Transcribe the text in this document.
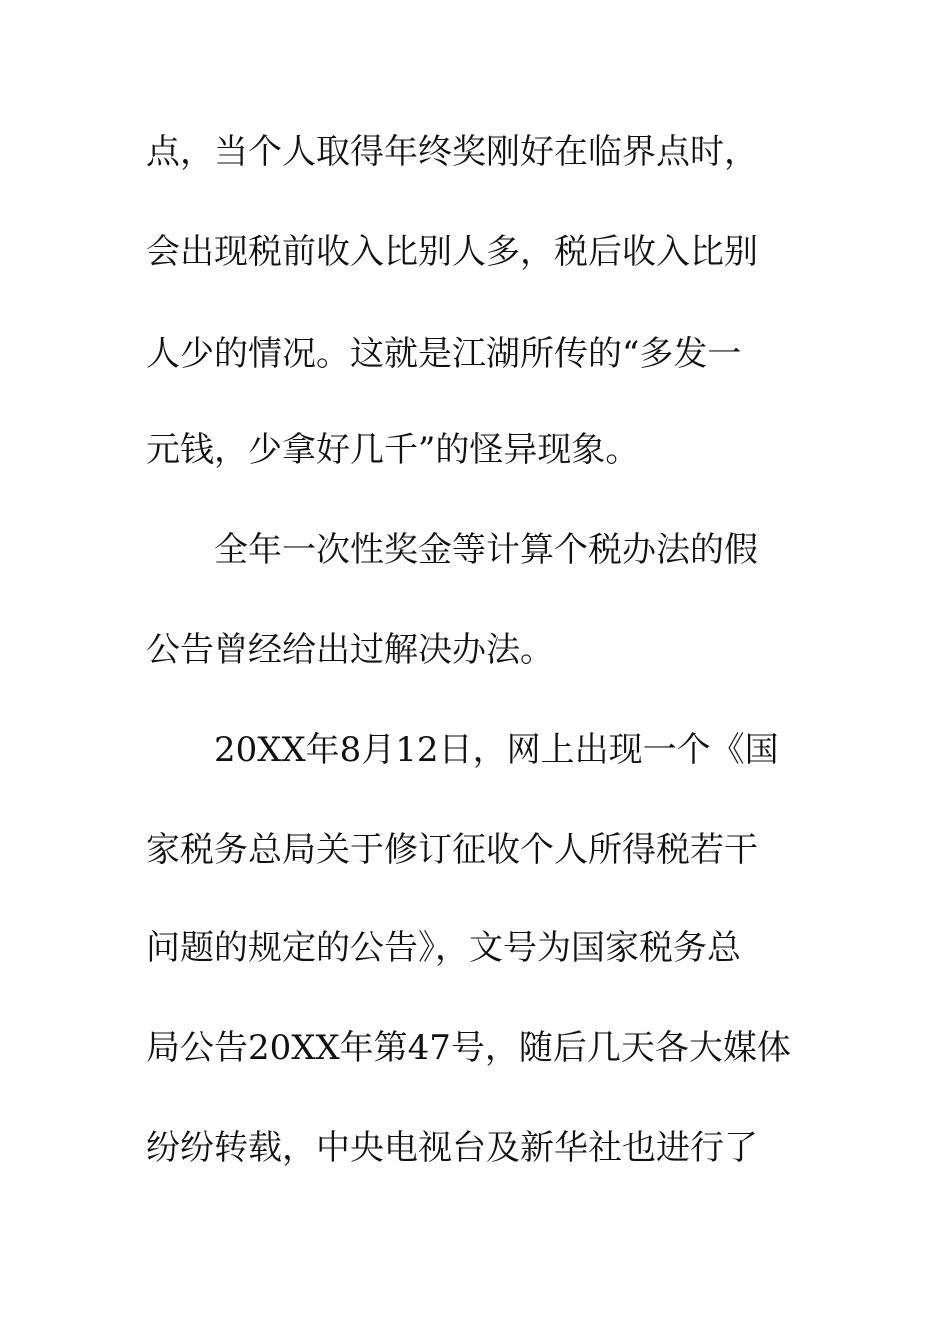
点，当个人取得年终奖刚好在临界点时，
会出现税前收入比别人多，税后收入比别
人少的情况。这就是江湖所传的“多发一
元钱，少拿好几千”的怪异现象。
全年一次性奖金等计算个税办法的假
公告曾经给出过解决办法。
20XX年8月12日，网上出现一个《国
家税务总局关于修订征收个人所得税若干
问题的规定的公告》，文号为国家税务总
局公告20XX年第47号，随后几天各大媒体
纷纷转载，中央电视台及新华社也进行了
